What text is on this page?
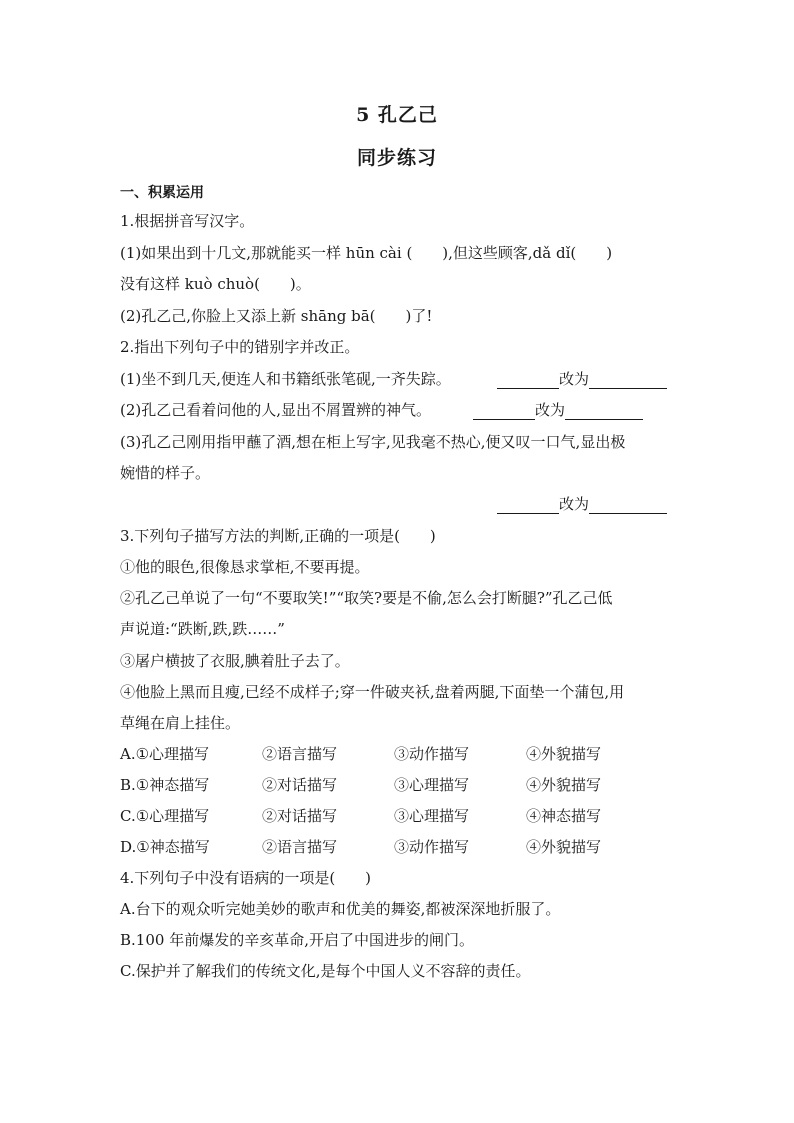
5 孔乙己
同步练习
一、积累运用
1.根据拼音写汉字。
(1)如果出到十几文,那就能买一样 hūn cài (　　),但这些顾客,dǎ dǐ(　　)
没有这样 kuò chuò(　　)。
(2)孔乙己,你脸上又添上新 shāng bā(　　)了!
2.指出下列句子中的错别字并改正。
(1)坐不到几天,便连人和书籍纸张笔砚,一齐失踪。	改为
(2)孔乙己看着问他的人,显出不屑置辨的神气。	改为
(3)孔乙己刚用指甲蘸了酒,想在柜上写字,见我毫不热心,便又叹一口气,显出极
婉惜的样子。
改为
3.下列句子描写方法的判断,正确的一项是(　　)
①他的眼色,很像恳求掌柜,不要再提。
②孔乙己单说了一句“不要取笑!”“取笑?要是不偷,怎么会打断腿?”孔乙己低
声说道:“跌断,跌,跌……”
③屠户横披了衣服,腆着肚子去了。
④他脸上黑而且瘦,已经不成样子;穿一件破夹袄,盘着两腿,下面垫一个蒲包,用
草绳在肩上挂住。
A.①心理描写	②语言描写	③动作描写	④外貌描写
B.①神态描写	②对话描写	③心理描写	④外貌描写
C.①心理描写	②对话描写	③心理描写	④神态描写
D.①神态描写	②语言描写	③动作描写	④外貌描写
4.下列句子中没有语病的一项是(　　)
A.台下的观众听完她美妙的歌声和优美的舞姿,都被深深地折服了。
B.100 年前爆发的辛亥革命,开启了中国进步的闸门。
C.保护并了解我们的传统文化,是每个中国人义不容辞的责任。
